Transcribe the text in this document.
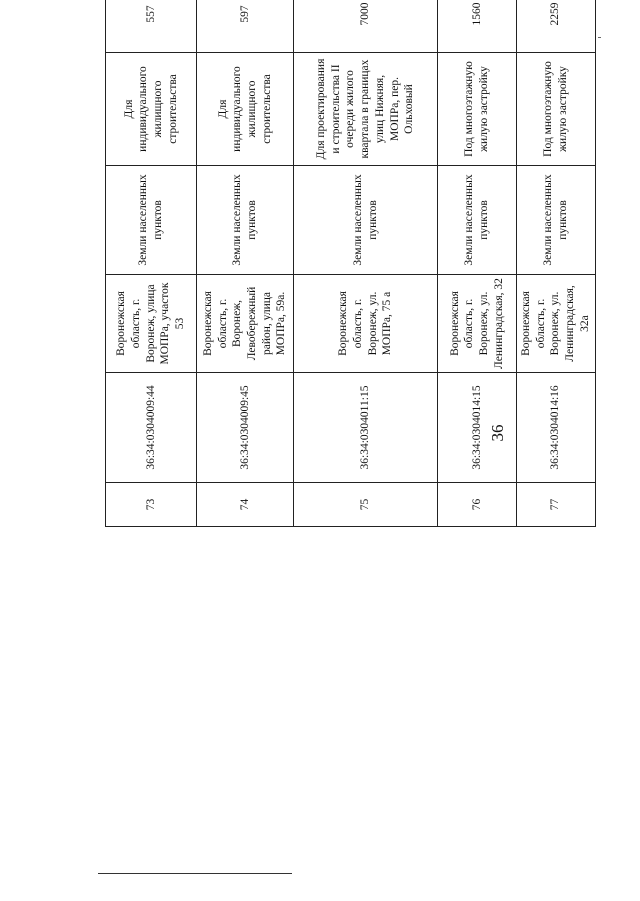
36
73	36:34:0304009:44	Воронежская область, г. Воронеж, улица МОПРа, участок 53	Земли населенных пунктов	Для индивидуального жилищного строительства	557			
74	36:34:0304009:45	Воронежская область, г. Воронеж, Левобережный район, улица МОПРа, 59а.	Земли населенных пунктов	Для индивидуального жилищного строительства	597			
75	36:34:0304011:15	Воронежская область, г. Воронеж, ул. МОПРа, 75 а	Земли населенных пунктов	Для проектирования и строительства II очереди жилого квартала в границах улиц Нижняя, МОПРа, пер. Ольховый	7000			
76	36:34:0304014:15	Воронежская область, г. Воронеж, ул. Ленинградская, 32	Земли населенных пунктов	Под многоэтажную жилую застройку	1560			
77	36:34:0304014:16	Воронежская область, г. Воронеж, ул. Ленинградская, 32а	Земли населенных пунктов	Под многоэтажную жилую застройку	2259			
